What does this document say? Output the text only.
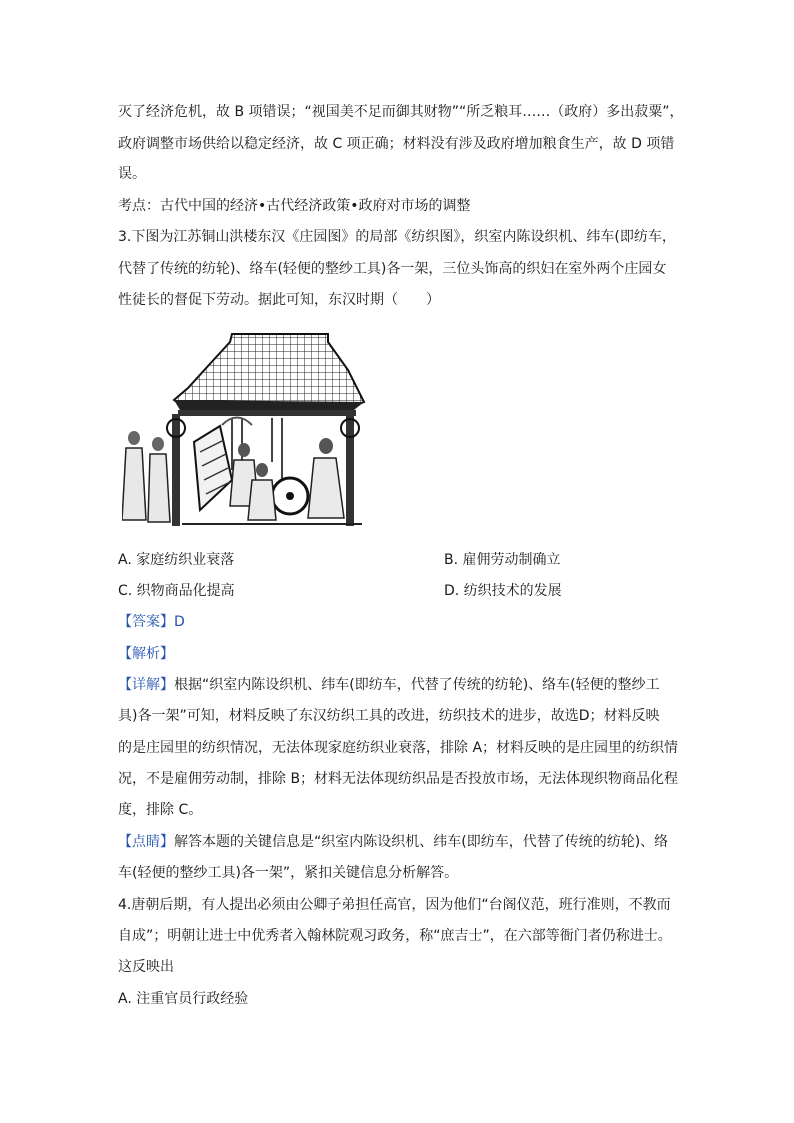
灭了经济危机，故 B 项错误；“视国美不足而御其财物”“所乏粮耳……（政府）多出菽粟”，
政府调整市场供给以稳定经济，故 C 项正确；材料没有涉及政府增加粮食生产，故 D 项错
误。
考点：古代中国的经济•古代经济政策•政府对市场的调整
3.下图为江苏铜山洪楼东汉《庄园图》的局部《纺织图》，织室内陈设织机、纬车(即纺车，
代替了传统的纺轮)、络车(轻便的整纱工具)各一架，三位头饰高的织妇在室外两个庄园女
性徒长的督促下劳动。据此可知，东汉时期（　　）
A. 家庭纺织业衰落	B. 雇佣劳动制确立
C. 织物商品化提高	D. 纺织技术的发展
【答案】D
【解析】
【详解】根据“织室内陈设织机、纬车(即纺车，代替了传统的纺轮)、络车(轻便的整纱工
具)各一架”可知，材料反映了东汉纺织工具的改进，纺织技术的进步，故选D；材料反映
的是庄园里的纺织情况，无法体现家庭纺织业衰落，排除 A；材料反映的是庄园里的纺织情
况，不是雇佣劳动制，排除 B；材料无法体现纺织品是否投放市场，无法体现织物商品化程
度，排除 C。
【点睛】解答本题的关键信息是“织室内陈设织机、纬车(即纺车，代替了传统的纺轮)、络
车(轻便的整纱工具)各一架”，紧扣关键信息分析解答。
4.唐朝后期，有人提出必须由公卿子弟担任高官，因为他们“台阁仪范，班行准则，不教而
自成”；明朝让进士中优秀者入翰林院观习政务，称“庶吉士”，在六部等衙门者仍称进士。
这反映出
A. 注重官员行政经验
